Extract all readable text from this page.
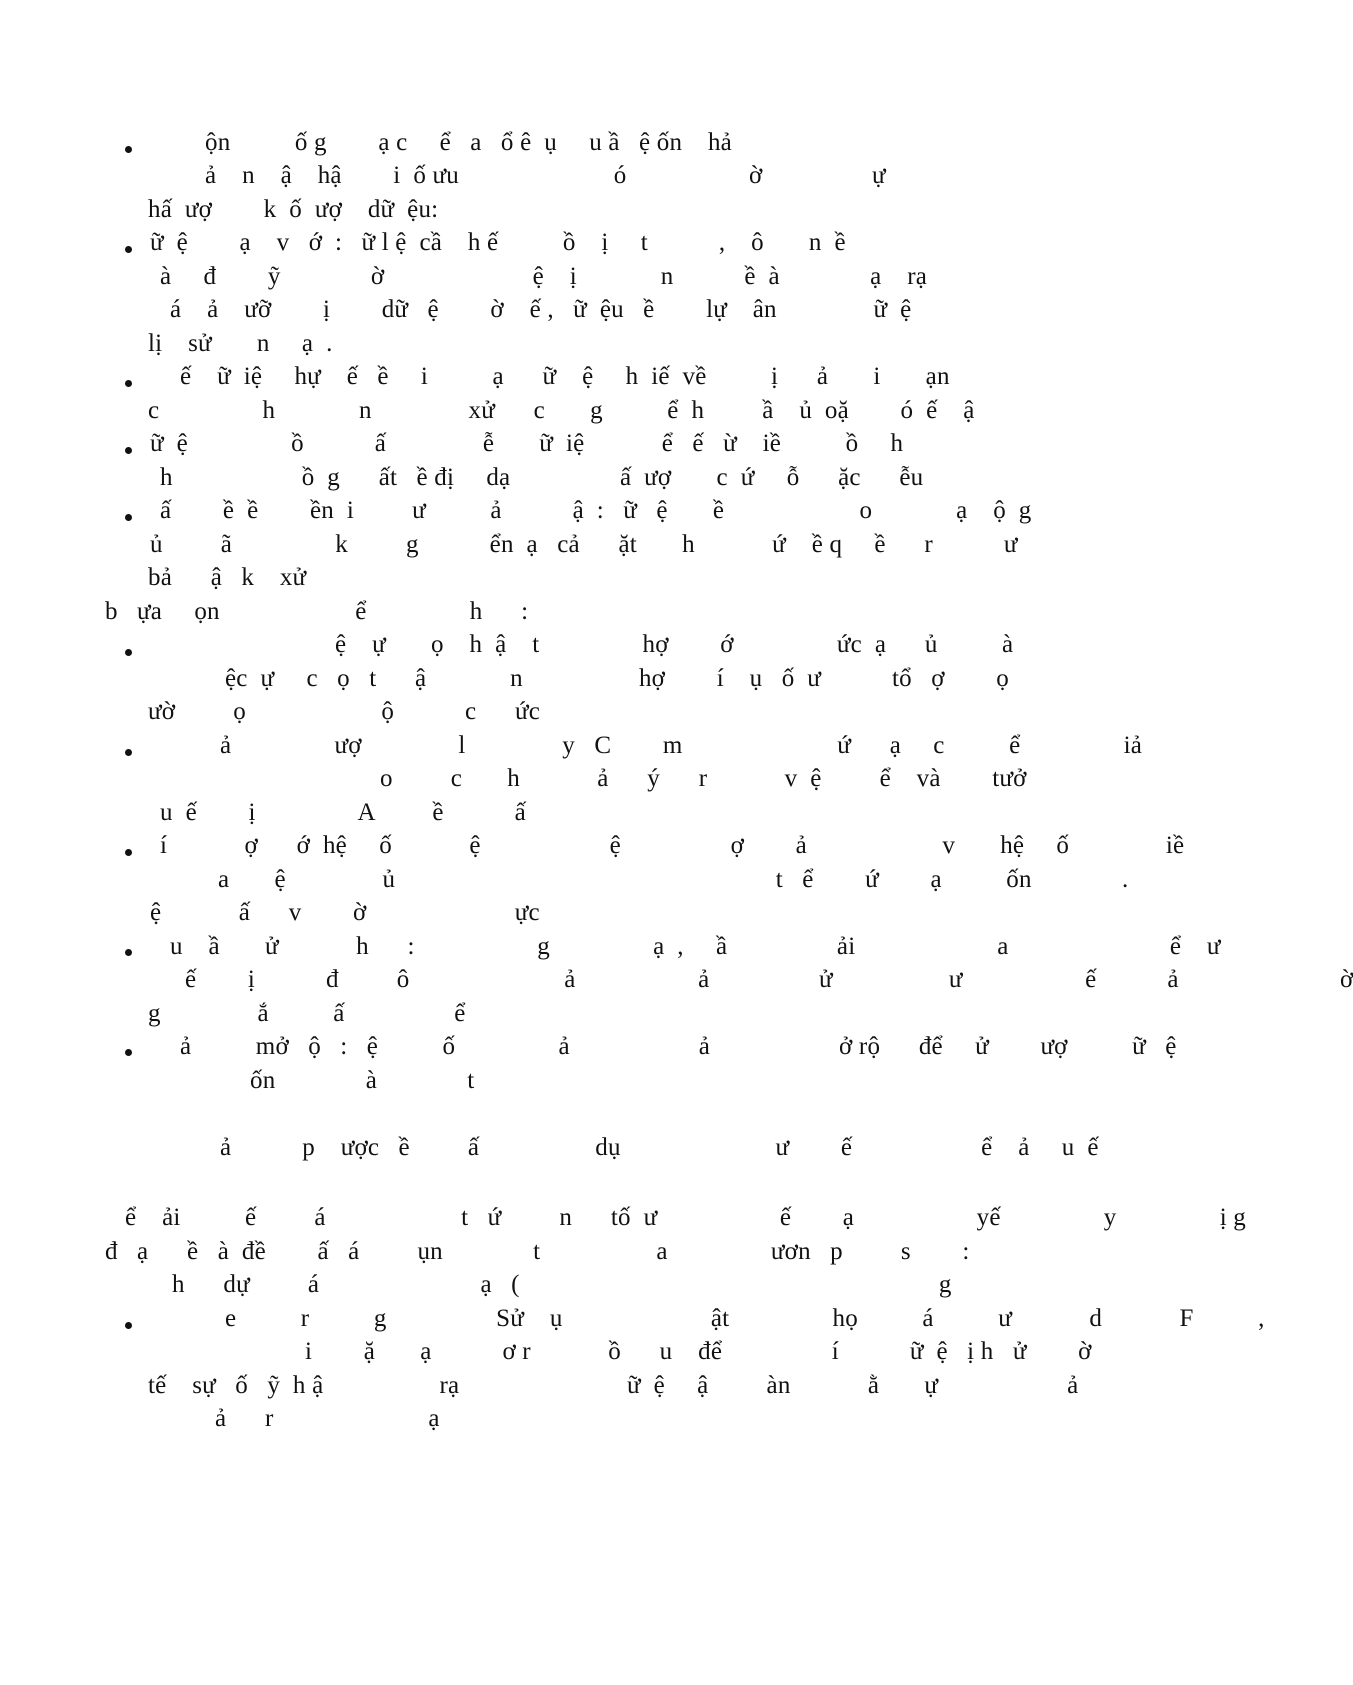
ộn          ố g        ạ c     ể   a   ổ ê  ụ     u ầ   ệ ốn    hả
ả    n    ậ    hậ        i  ố ưu                        ó                   ờ                 ự
hấ  ượ        k  ố  ượ    dữ  ệu:
ữ  ệ        ạ    v   ớ  :   ữ l ệ  cầ    h ế          ồ    ị     t           ,    ô       n  ề
à     đ        ỹ              ờ                       ệ    ị             n           ề  à              ạ    rạ
á    ả    ưỡ        ị        dữ   ệ        ờ    ế ,   ữ  ệu   ề        lự    ân               ữ  ệ
lị    sử       n     ạ  .
ế    ữ  iệ     hự    ế   ề     i          ạ      ữ    ệ     h  iế  về          ị      ả       i       ạn
c                h             n               xử      c       g          ể  h         ầ    ủ  oặ        ó  ế    ậ
ữ  ệ                ồ           ấ               ễ       ữ  iệ            ể   ế   ừ    iề          ồ     h
h                    ồ  g      ất   ề đị     dạ                 ấ  ượ       c  ứ     ỗ      ặc      ễu
ấ        ề  ề        ền  i         ư          ả           ậ  :   ữ   ệ       ề                     o             ạ    ộ  g
ủ         ã                k         g           ển  ạ   cả      ặt       h            ứ    ề q     ề      r           ư
bả      ậ   k    xử
b   ựa     ọn                     ể                h      :
ệ    ự       ọ    h  ậ    t                hợ        ớ                ức  ạ      ủ          à
ệc  ự     c   ọ   t      ậ             n                  hợ        í    ụ   ố  ư           tổ   ợ        ọ
ườ         ọ                     ộ           c      ức
ả                ượ               l               y   C        m                        ứ      ạ     c          ể                iả
o         c       h            ả      ý      r            v  ệ         ể    và        tưở
u  ế        ị                A         ề           ấ
í            ợ      ớ  hệ     ố            ệ                    ệ                 ợ        ả                     v       hệ     ố               iề
a       ệ               ủ                                                           t   ể        ứ        ạ          ốn              .
ệ            ấ      v        ờ                       ực
u    ầ       ử            h      :                   g                ạ  ,     ầ                 ải                      a                         ể    ư
ế        ị           đ         ô                        ả                   ả                 ử                  ư                   ế           ả                         ờ
g               ắ          ấ                 ể
ả          mở   ộ   :   ệ          ố                ả                    ả                    ở rộ      để     ử        ượ          ữ   ệ
ốn              à              t
ả           p    ược   ề         ấ                  dụ                        ư        ế                    ể    ả     u  ế
ể    ải          ế         á                     t   ứ         n      tố  ư                   ế        ạ                   yế                y                ị g
đ   ạ      ề   à  đề        ấ   á         ụn              t                  a                ươn   p         s        :
h      dự         á                         ạ   (                                                                 g
e          r          g                 Sử    ụ                       ật                họ          á          ư            d            F          ,
i        ặ       ạ           ơ r            ồ      u    để                 í           ữ  ệ   ị h   ử        ờ
tế    sự   ố   ỹ  h ậ                  rạ                          ữ  ệ     ậ         àn            ằ       ự                    ả
ả      r                        ạ
